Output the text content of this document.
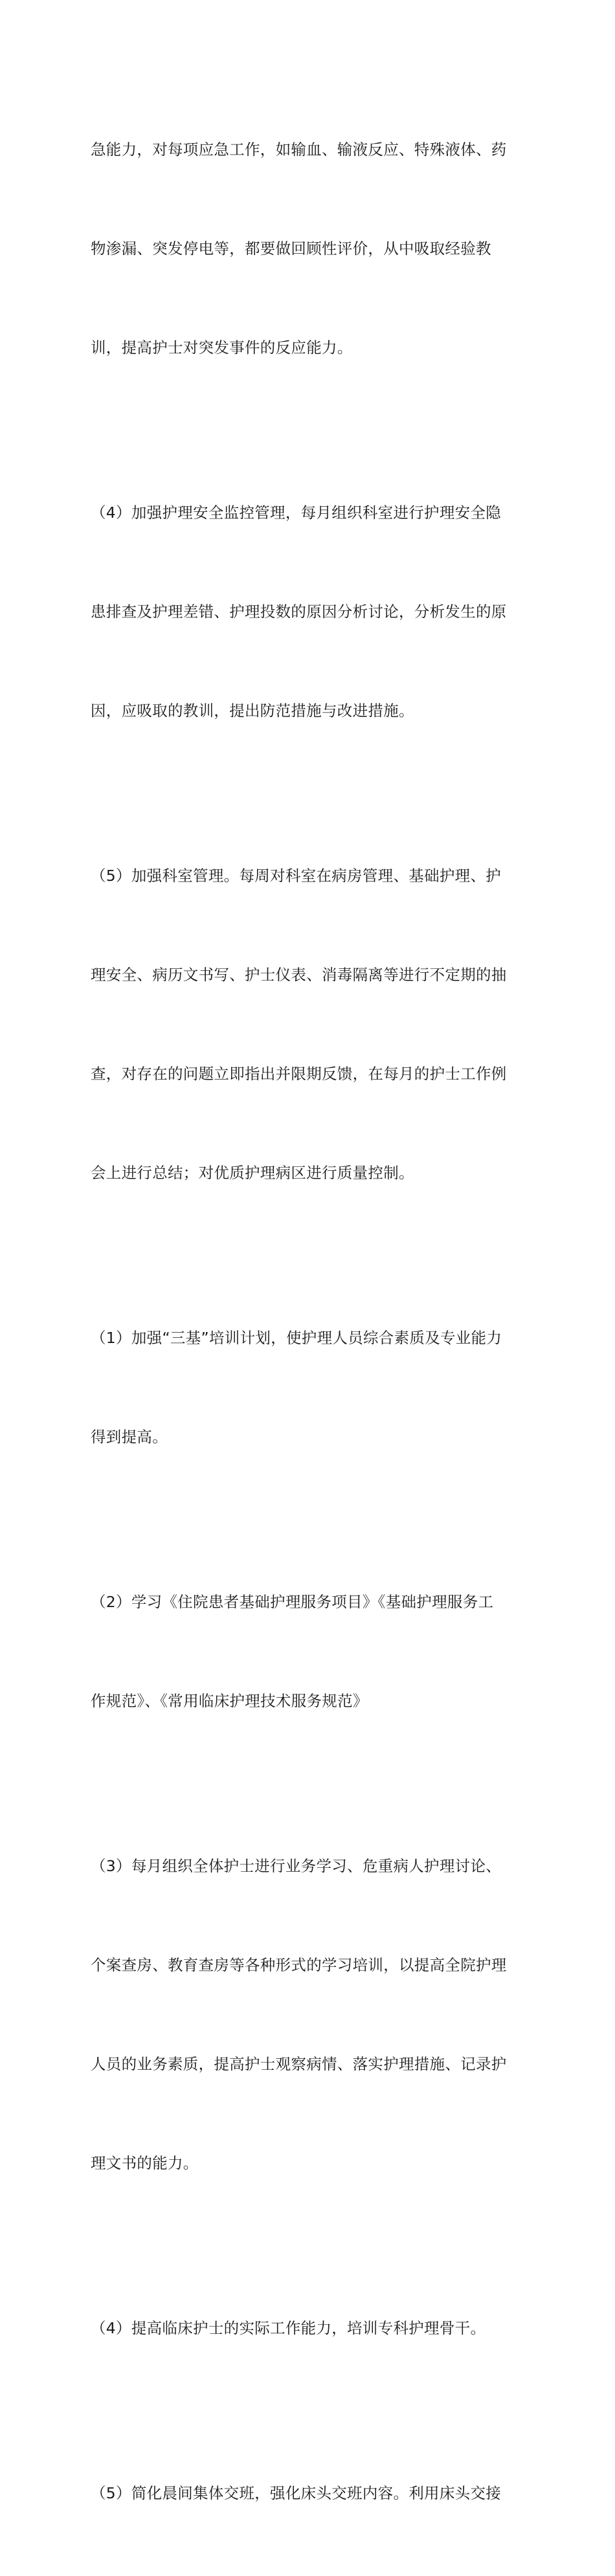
急能力，对每项应急工作，如输血、输液反应、特殊液体、药

物渗漏、突发停电等，都要做回顾性评价，从中吸取经验教

训，提高护士对突发事件的反应能力。

（4）加强护理安全监控管理，每月组织科室进行护理安全隐

患排查及护理差错、护理投数的原因分析讨论，分析发生的原

因，应吸取的教训，提出防范措施与改进措施。

（5）加强科室管理。每周对科室在病房管理、基础护理、护

理安全、病历文书写、护士仪表、消毒隔离等进行不定期的抽

查，对存在的问题立即指出并限期反馈，在每月的护士工作例

会上进行总结；对优质护理病区进行质量控制。

（1）加强“三基”培训计划，使护理人员综合素质及专业能力

得到提高。

（2）学习《住院患者基础护理服务项目》《基础护理服务工

作规范》、《常用临床护理技术服务规范》

（3）每月组织全体护士进行业务学习、危重病人护理讨论、

个案查房、教育查房等各种形式的学习培训，以提高全院护理

人员的业务素质，提高护士观察病情、落实护理措施、记录护

理文书的能力。

（4）提高临床护士的实际工作能力，培训专科护理骨干。

（5）简化晨间集体交班，强化床头交班内容。利用床头交接
